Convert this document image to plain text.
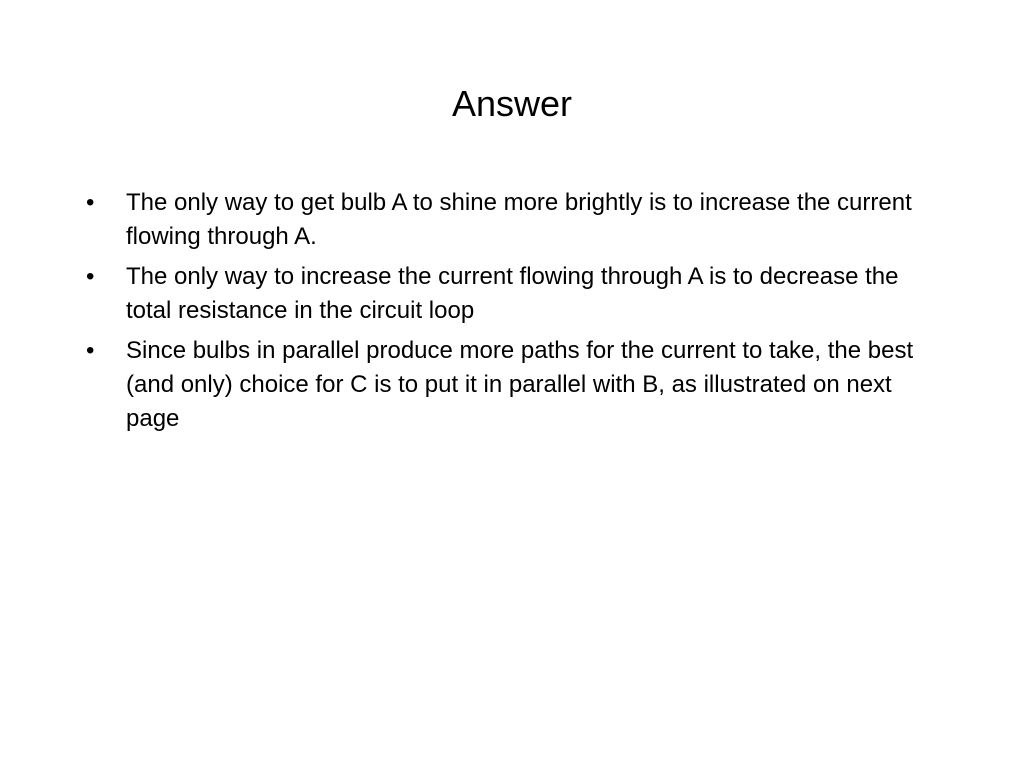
Answer
•	The only way to get bulb A to shine more brightly is to increase the current flowing through A.
•	The only way to increase the current flowing through A is to decrease the total resistance in the circuit loop
•	Since bulbs in parallel produce more paths for the current to take, the best (and only) choice for C is to put it in parallel with B, as illustrated on next page
